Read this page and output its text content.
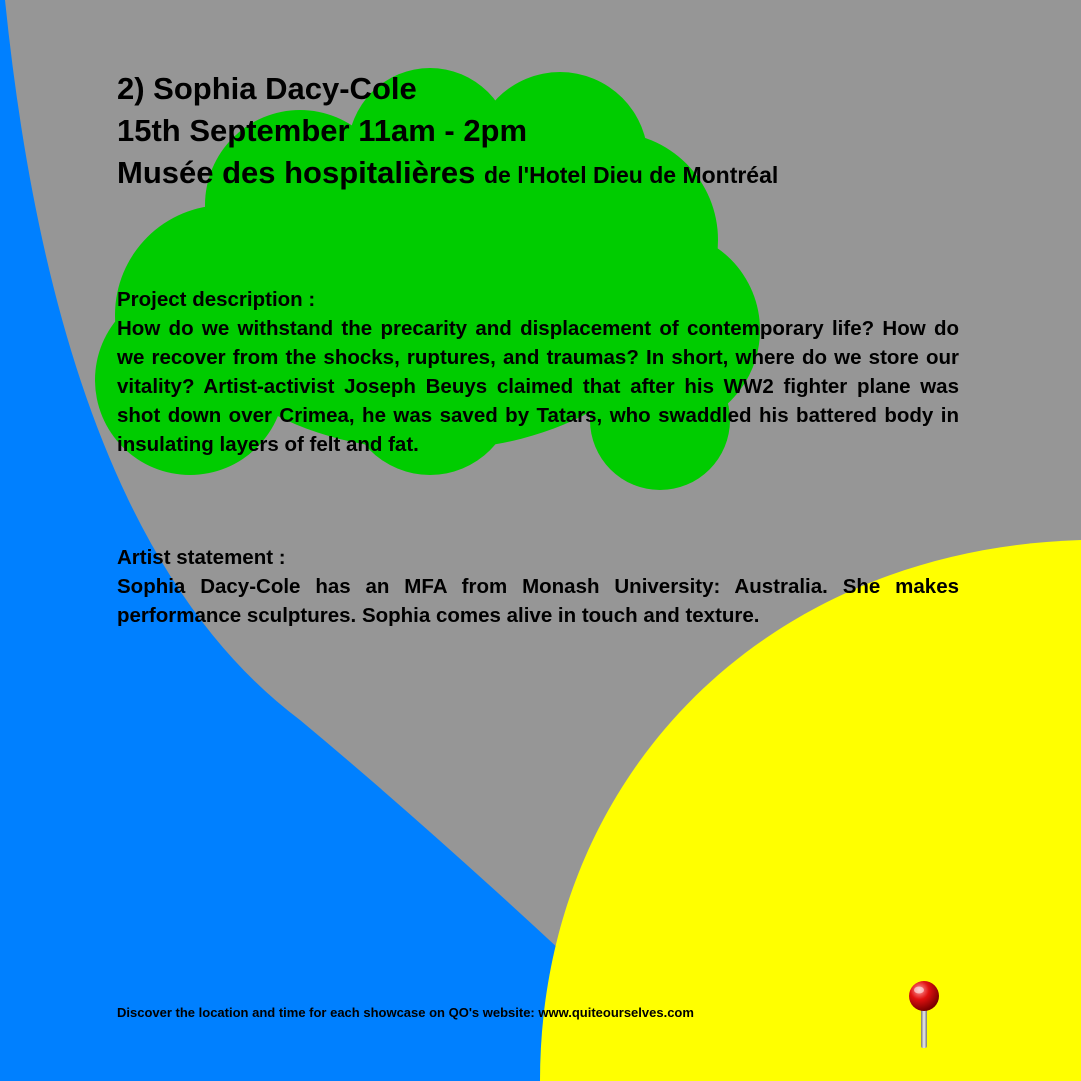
2) Sophia Dacy-Cole
15th September 11am - 2pm
Musée des hospitalières de l'Hotel Dieu de Montréal
Project description :
How do we withstand the precarity and displacement of contemporary life? How do we recover from the shocks, ruptures, and traumas? In short, where do we store our vitality? Artist-activist Joseph Beuys claimed that after his WW2 fighter plane was shot down over Crimea, he was saved by Tatars, who swaddled his battered body in insulating layers of felt and fat.
Artist statement :
Sophia Dacy-Cole has an MFA from Monash University: Australia. She makes performance sculptures. Sophia comes alive in touch and texture.
Discover the location and time for each showcase on QO's website: www.quiteourselves.com
